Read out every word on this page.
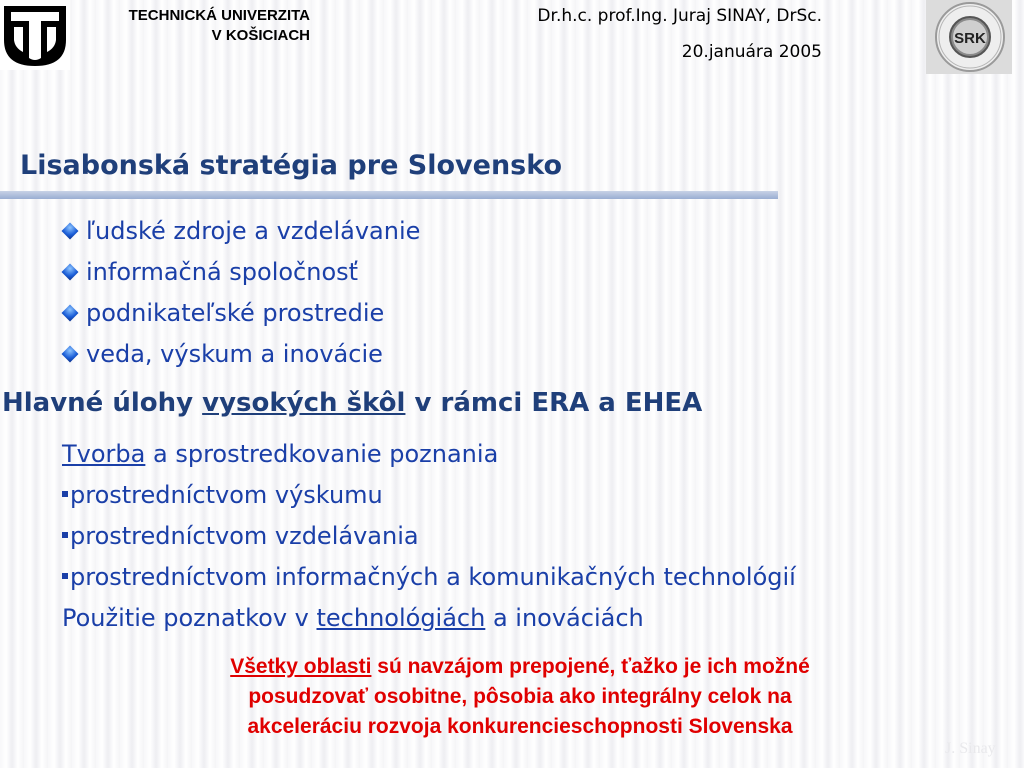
TECHNICKÁ UNIVERZITA
V KOŠICIACH
Dr.h.c. prof.Ing. Juraj SINAY, DrSc.
20.januára 2005
SRK
Lisabonská stratégia pre Slovensko
ľudské zdroje a vzdelávanie
informačná spoločnosť
podnikateľské prostredie
veda, výskum a inovácie
Hlavné úlohy vysokých škôl v rámci ERA a EHEA
Tvorba a sprostredkovanie poznania
prostredníctvom výskumu
prostredníctvom vzdelávania
prostredníctvom informačných a komunikačných technológií
Použitie poznatkov v technológiách a inováciách
Všetky oblasti sú navzájom prepojené, ťažko je ich možné
posudzovať osobitne, pôsobia ako integrálny celok na
akceleráciu rozvoja konkurencieschopnosti Slovenska
J. Sinay
